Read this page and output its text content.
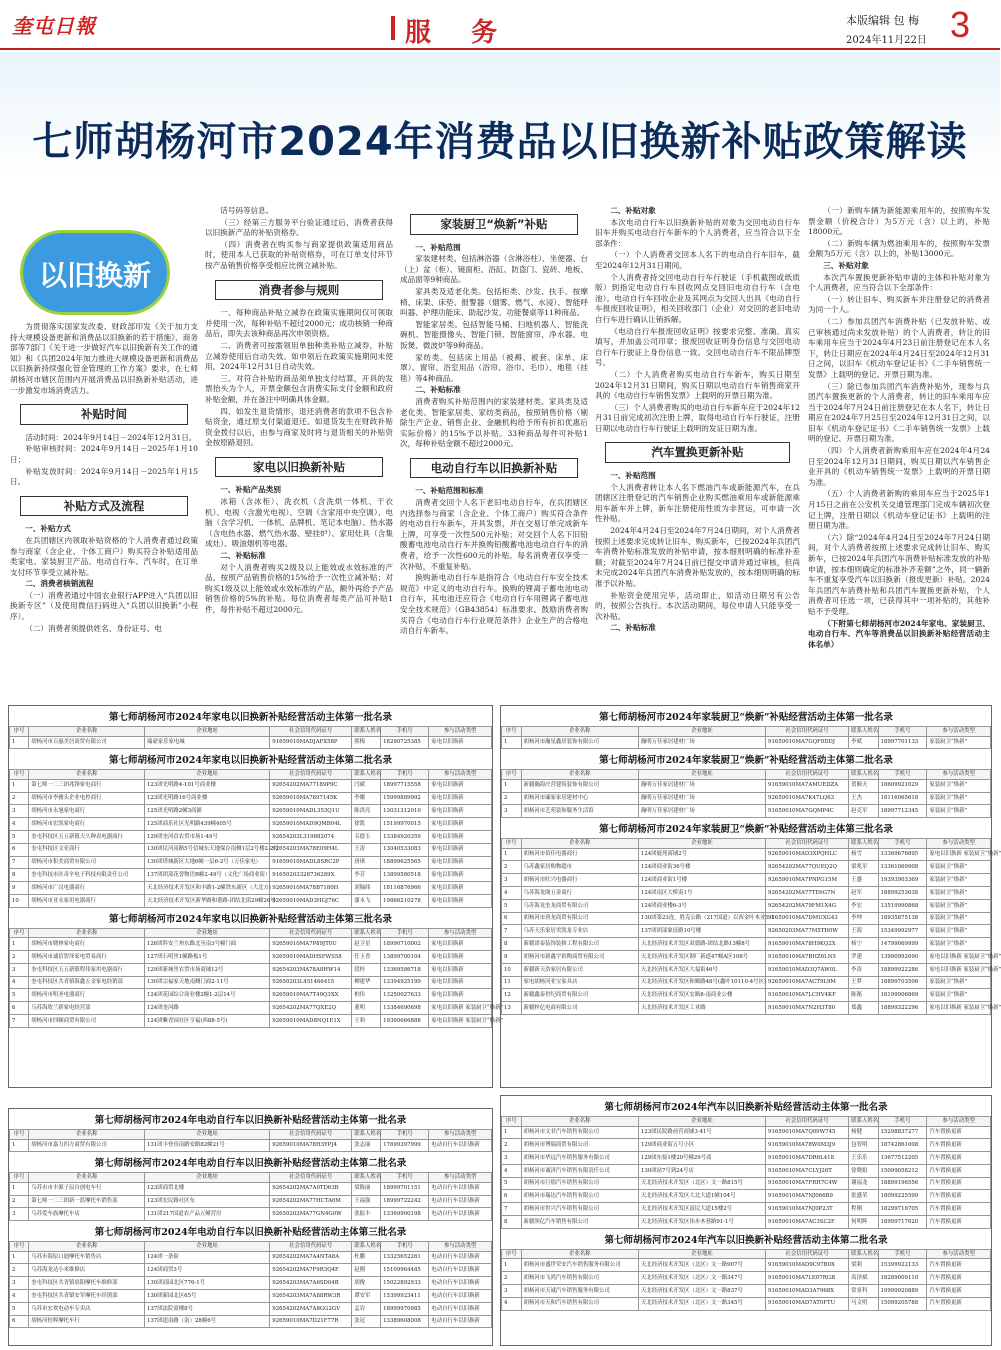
奎屯日報	服务	本版编辑 包 梅
2024年11月22日 3
七师胡杨河市2024年消费品以旧换新补贴政策解读
以旧换新

为贯彻落实国家发改委、财政部印发《关于加力支持大规模设备更新和消费品以旧换新的若干措施》、商务部等7部门《关于进一步做好汽车以旧换新有关工作的通知》和《兵团2024年加力推进大规模设备更新和消费品以旧换新持续强化管金管理的工作方案》要求，在七师胡杨河市辖区范围内开展消费品以旧换新补贴活动，进一步激发市场消费活力。

补贴时间

活动时间：2024年9月14日－2024年12月31日。

补贴审核时间：2024年9月14日－2025年1月10日；

补贴发放时间：2024年9月14日－2025年1月15日。

补贴方式及流程

一、补贴方式

在兵团辖区内领取补贴资格的个人消费者通过政策参与商家（含企业、个体工商户）购买符合补贴适用品类家电、家装厨卫产品、电动自行车、汽车时，在订单支付环节享受立减补贴。

二、消费者核销流程

（一）消费者通过中国农业银行APP进入“兵团以旧换新专区”（及使用微信扫码进入“兵团以旧换新”小程序）。

（二）消费者须提供姓名、身份证号、电

话号码等信息。

（三）经第三方服务平台验证通过后，消费者获得以旧换新产品的补贴资格券。

（四）消费者在购买参与商家提供政策适用商品时，使用本人已获取的补贴资格券，可在订单支付环节按产品销售价格享受相应比例立减补贴。

消费者参与规则

一、每种商品补贴立减券在政策实施期间仅可领取并使用一次，每种补贴不超过2000元；成功核销一种商品后，即失去该种商品再次申领资格。

二、消费者可按需领用单独种类补贴立减券，补贴立减券使用后自动失效。如申领后在政策实施期间未使用，2024年12月31日自动失效。

三、对符合补贴的商品须单独支付结算，开具的发票抬头为个人，开票金额包含消费实际支付金额和政府补贴金额，并在备注中明确具体金额。

四、如发生退货情形，退还消费者的款项不包含补贴资金，通过原支付渠道退还。如退货发生在财政补贴资金拨付以后，由参与商家及时将与退货相关的补贴资金按原路退回。

家电以旧换新补贴

一、补贴产品类别

冰箱（含冰柜）、洗衣机（含洗烘一体机、干衣机）、电视（含激光电视）、空调（含家用中央空调）、电脑（含学习机、一体机、品牌机、笔记本电脑）、热水器（含电热水器、燃气热水器、壁挂炉）、家用灶具（含集成灶）、吸油烟机等电器。

二、补贴标准

对个人消费者购买2级及以上能效或水效标准的产品，按照产品销售价格的15%给予一次性立减补贴；对购买1级及以上能效或水效标准的产品，额外再给予产品销售价格的5%的补贴。每位消费者每类产品可补贴1件，每件补贴不超过2000元。

家装厨卫“焕新”补贴

一、补贴范围

家装建材类。包括淋浴器（含淋浴柱）、坐便器、台（上）盆（柜）、镜面柜、浴缸、防盗门、瓷砖、地板、成品窗等9种商品。

家具类及适老化类。包括柜类、沙发、扶手、按摩椅、床架、床垫、报警器（烟雾、燃气、水浸）、智能呼叫器、护理功能床、助起沙发、功能餐桌等11种商品。

智能家居类。包括智能马桶、扫地机器人、智能洗碗机、智能摄像头、智能门锁、智能窗帘、净水器、电饭煲、微波炉等9种商品。

家纺类。包括床上用品（被褥、被套、床单、床罩）、窗帘、浴室用品（浴帘、浴巾、毛巾）、地毯（挂毯）等4种商品。

二、补贴标准

消费者购买补贴范围内的家装建材类、家具类及适老化类、智能家居类、家纺类商品，按照销售价格（剔除生产企业、销售企业、金融机构给予所有折扣优惠后实际价格）的15%予以补贴。33种商品每件可补贴1次，每种补贴金额不超过2000元。

电动自行车以旧换新补贴

一、补贴范围和标准

消费者交回个人名下老旧电动自行车，在兵团辖区内选择参与商家（含企业、个体工商户）购买符合条件的电动自行车新车，开具发票，并在交易订单完成新车上牌，可享受一次性500元补贴；对交回个人名下旧铅酸蓄电池电动自行车并换购铅酸蓄电池电动自行车的消费者，给予一次性600元的补贴。每名消费者仅享受一次补贴，不重复补贴。

换购新电动自行车是指符合《电动自行车安全技术规范》中定义的电动自行车。换购的锂离子蓄电池电动自行车，其电池还应符合《电动自行车用锂离子蓄电池安全技术规范》（GB43854）标准要求。鼓励消费者购买符合《电动自行车行业规范条件》企业生产的合格电动自行车新车。

二、补贴对象

本次电动自行车以旧换新补贴的对象为交回电动自行车旧车并购买电动自行车新车的个人消费者，应当符合以下全部条件：

（一）个人消费者交回本人名下的电动自行车旧车，截至2024年12月31日期间。

个人消费者持交回电动自行车行驶证（手机截图或纸质版）到指定电动自行车回收网点交回旧电动自行车（含电池）。电动自行车回收企业及其网点为交回人出具《电动自行车报废回收证明》，相关回收部门（企业）对交回的老旧电动自行车进行确认让销拆解。

《电动自行车报废回收证明》按要求完整、准确、真实填写，并加盖公司印章；报废回收证明身份信息与交回电动自行车行驶证上身份信息一致。交回电动自行车不限品牌型号。

（二）个人消费者购买电动自行车新车，购买日期至2024年12月31日期间，购买日期以电动自行车销售商家开具的《电动自行车销售发票》上载明的开票日期为准。

（三）个人消费者购买的电动自行车新车应于2024年12月31日前完成初次注册上牌，取得电动自行车行驶证，注册日期以电动自行车行驶证上载明的发证日期为准。

汽车置换更新补贴

一、补贴范围

个人消费者转让本人名下燃油汽车或新能源汽车，在兵团辖区注册登记的汽车销售企业购买燃油乘用车或新能源乘用车新车并上牌，新车注册使用性质为非营运，可申请一次性补贴。

2024年4月24日至2024年7月24日期间，对个人消费者按照上述要求完成转让旧车、购买新车，已按2024年兵团汽车消费补贴标准发放的补贴申请，按本细则明确的标准补差额；对截至2024年7月24日前已提交申请并通过审核，但尚未完成2024年兵团汽车消费补贴发放的，按本细则明确的标准予以补贴。

补贴资金使用完毕，活动即止，如活动日期另有公告的，按照公告执行。本次活动期间，每位申请人只能享受一次补贴。

二、补贴标准

（一）新购车辆为新能源乘用车的，按照购车发票金额（价税合计）为5万元（含）以上的，补贴18000元。

（二）新购车辆为燃油乘用车的，按照购车发票金额为5万元（含）以上的，补贴13000元。

三、补贴对象

本次汽车置换更新补贴申请的主体和补贴对象为个人消费者，应当符合以下全部条件：

（一）转让旧车、购买新车并注册登记的消费者为同一个人。

（二）参加兵团汽车消费补贴（已发放补贴、或已审核通过尚未发放补贴）的个人消费者，转让的旧车乘用车应当于2024年4月23日前注册登记在本人名下，转让日期应在2024年4月24日至2024年12月31日之间，以旧车《机动车登记证书》《二手车销售统一发票》上载明的登记、开票日期为准。

（三）除已参加兵团汽车消费补贴外，现参与兵团汽车置换更新的个人消费者，转让的旧车乘用车应当于2024年7月24日前注册登记在本人名下，转让日期应在2024年7月25日至2024年12月31日之间，以旧车《机动车登记证书》《二手车销售统一发票》上载明的登记、开票日期为准。

（四）个人消费者新购乘用车应在2024年4月24日至2024年12月31日期间，购买日期以汽车销售企业开具的《机动车销售统一发票》上载明的开票日期为准。

（五）个人消费者新购的乘用车应当于2025年1月15日之前在公安机关交通管理部门完成车辆初次登记上牌，注册日期以《机动车登记证书》上载明的注册日期为准。

（六）除“2024年4月24日至2024年7月24日期间，对个人消费者按照上述要求完成转让旧车、购买新车，已按2024年兵团汽车消费补贴标准发放的补贴申请，按本细则确定的标准补齐差额”之外，同一辆新车不重复享受汽车以旧换新（报废更新）补贴。2024年兵团汽车消费补贴和兵团汽车置换更新补贴，个人消费者可任选一项，已获得其中一项补贴的，其他补贴不予受理。

（下附第七师胡杨河市2024年家电、家装厨卫、电动自行车、汽车等消费品以旧换新补贴经营活动主体名单）

第七师胡杨河市2024年家电以旧换新补贴经营活动主体第一批名录
序号	企业名称	企业地址	社会信用代码证号	联系人姓名	手机号	参与活动类型
1	胡杨河市百惠美居商贸有限公司	瑞豪家乐家电城	91659010MADJAFX58P	熊梅	18290725385	家电以旧换新
第七师胡杨河市2024年家电以旧换新补贴经营活动主体第二批名录
序号	企业名称	企业地址	社会信用代码证号	联系人姓名	手机号	参与活动类型
1	第七师一二三团兆锋家电商行	123团光明路4-101号商业楼	92654202MA77189P9C	闫斌	18997715558	家电以旧换新
2	胡杨河市李雅头企业电控商行	123团光明路16号商业楼	92659010MA7897145K	李娜	15999889992	家电以旧换新
3	胡杨河市永旭家电商行	125团光明路2幢3商铺	92659010MADL353Q1U	陈洪亮	13031312010	家电以旧换新
4	胡杨河市宏凯家电商行	125团商乐社区光明路439幢405号	92659010MAD9QMB04L	徐凯	15199970015	家电以旧换新
5	奎屯科技区五五新镇天久种表电器商行	129团奎河首农贸市场1-49号	92654203L319882074	韦德玉	13384920359	家电以旧换新
6	奎屯科技区文亚商行	130团民河南路5号信城东天地保存南侧1层2号楼2-2号	92654203MA78E09H4L	王涛	13040533083	家电以旧换新
7	胡杨河市积美商贸有限公司	130团塔城新区大地6幢一层6-2号（万佳家电）	91659010MADL8SRC2P	唐琪	18899625565	家电以旧换新
8	奎屯科技市区奇辛电子科技有限责任公司	137团团部花誉物语B幢2-49号（文化广场商业街）	91650203328736289X	李芳	13899580518	家电以旧换新
9	胡杨河市广汉电器商行	天北经济技术开发区和丰路1-2幢铁东新区（大北方）	92659010MA78B7180H	刘翰纬	18116876966	家电以旧换新
10	胡杨河市亚永家用电器商行	天北经济技术开发区新华路和谐路-团结北街29幢26号	92659010MAD3HGJ76C	蒲永飞	19866210278	家电以旧换新
第七师胡杨河市2024年家电以旧换新补贴经营活动主体第三批名录
序号	企业名称	企业地址	社会信用代码证号	联系人姓名	手机号	参与活动类型
1	胡杨河市晓林家电商行	126团科安兰州东路北至南3号幢门面	92659010MA7P89JT0U	赵卫星	18990710002	家电以旧换新
2	胡杨河市诚信智泽家电贸易商行	127团石明里1幢路板1号	92659010MADHSFWS58	任玉香	13899700104	家电以旧换新
3	奎屯科技区五五新镇程伟家用电器商行	129团新城里农贸市场商铺12号	92654203MA78A8HW14	段桂	13369586718	家电以旧换新
4	奎屯科技区共青镇海鑫五金家电经销部	130团宗福家天地南侧门面2-11号	92650203L451466415	柳建华	13394925199	家电以旧换新
5	胡杨河市明圣电器商行	124团花园综合商业楼2幢1-2层14号	92659010MA7T49Q3XX	柏伟	13250027633	家电以旧换新
6	乌苏海欣兰新家电经营部	124团奎河路	92654202MA77QXE2Q	董明	13384690698	家电以旧换新 家装厨卫“焕新”
7	胡杨河市四顺商贸有限公司	124团紫香园社区亨福(西88-5号)	92659010MAD8NQ1E1X	王莉	19390666888	家电以旧换新 家装厨卫“焕新”
第七师胡杨河市2024年家装厨卫“焕新”补贴经营活动主体第一批名录
序号	企业名称	企业地址	社会信用代码证号	联系人姓名	手机号	参与活动类型
1	胡杨河市瀚星鑫居装饰有限公司	瀚明万佳家居建材广场	91659010MA7GQF8DDJ	李斌	18997701133	家装厨卫“焕新”
第七师胡杨河市2024年家装厨卫“焕新”补贴经营活动主体第二批名录
序号	企业名称	企业地址	社会信用代码证号	联系人姓名	手机号	参与活动类型
1	新疆瀚海庄营建筑装饰有限公司	瀚明万佳家居建材广场	91659010MA7AMUEDZA	贺顺天	18609921029	家装厨卫“焕新”
2	胡杨河市廉家家居建材中心	瀚明万佳家居建材广场	92659010MA7K47LQ63	王杰	18116065618	家装厨卫“焕新”
3	胡杨河市艺苑装饰服务生活馆	瀚明万佳家居建材广场	91659010MA7GQMP4C	赵克军	18997712345	家装厨卫“焕新”
第七师胡杨河市2024年家装厨卫“焕新”补贴经营活动主体第三批名录
序号	企业名称	企业地址	社会信用代码证号	联系人姓名	手机号	参与活动类型
1	胡杨河市佰佳电器商行	124团鹿苑商铺2号	92659010MAD3XPQHLC	杨雪	13369676895	家电以旧换新 家装厨卫“焕新”
2	乌苏鑫家居购物超市	124团商业街36号楼	92654202MA77QUEQ2Q	梁兆军	13361069908	家装厨卫“焕新”
3	胡杨河市旺兴电器商行	124团商业街1号楼	92659010MA7PNPG15M	王盛	19393903369	家装厨卫“焕新”
4	乌苏海龙阁五金商行	124团南区大桥南1号	92654202MA77TE6G7N	赵军	18899253638	家装厨卫“焕新”
5	乌苏海龙奎龙商贸有限公司	124团商业楼6-3号	92654202MA79FM1X4G	李宏	13519990868	家装厨卫“焕新”
6	胡杨河市唐龙商贸有限公司	130团第23连，胜克公路（217国道）以西金叶木业1-1	91659010MA7DMUXG43	李坤	18935875138	家装厨卫“焕新”
7	乌苏天乐家居美凯龙专业店	137团团部象征路10号楼	92650203MA77M5TH0W	王海	15349992977	家装厨卫“焕新”
8	新疆诺泰装饰装修工程有限公司	天北经济技术开发区双德路-团结北路13幢8号	91659010MA78H9KQ2X	杨宁	14799069999	家装厨卫“焕新”
9	胡杨河市新鑫宇彩陶商贸有限公司	天北经济技术开发区钢厂新道47幢A区108号	91659010MA7BHZ6LN5	罗建	13990992690	家电以旧换新 家装厨卫“焕新”
10	新疆新天浩家居有限公司	天北经济技术开发区大福街46号	91659010MAD3Q7AW0L	李涛	18899922286	家电以旧换新 家装厨卫“焕新”
11	家电胡杨河亚宝家具店	天北经济技术开发区和顺路48号(鑫叶10110-4号区)	92659010MA7ACT9L9M	王梦	18899703506	家装厨卫“焕新”
12	新疆鑫泰世纪商贸有限公司	天北经济技术开发区宏路8-南商业公楼	91659010MA7LCHV4KF	陈秘	18199906869	家装厨卫“焕新”
13	新疆梓亿电商有限公司	天北经济技术开发区工业路	91659010MA7N2H3T80	郑鑫	18899322296	家电以旧换新 家装厨卫“焕新”
第七师胡杨河市2024年电动自行车以旧换新补贴经营活动主体第一批名录
序号	企业名称	企业地址	社会信用代码证号	联系人姓名	手机号	参与活动类型
1	胡杨河市嘉力四方商贸有限公司	131团丰登田南路安路82幢21号	92659010MA78H3YPJ4	张志丽	17699397999	电动自行车以旧换新
第七师胡杨河市2024年电动自行车以旧换新补贴经营活动主体第二批名录
序号	企业名称	企业地址	社会信用代码证号	联系人姓名	手机号	参与活动类型
1	乌苏市市丰源子辰自创电车行	123团商贸北楼	92654202MA7A0TD63B	梁陈丽	18999701151	电动自行车以旧换新
2	第七师一二三团新一蓝摩托车销售部	123团宏民路社区东	92654202MA77HCTA6M	王福强	18999722242	电动自行车以旧换新
3	乌苏爱车族摩托车店	131团217国道农产品五幢营房	92650203MA77GN4G0W	张振丰	13369900198	电动自行车以旧换新
第七师胡杨河市2024年电动自行车以旧换新补贴经营活动主体第三批名录
序号	企业名称	企业地址	社会信用代码证号	联系人姓名	手机号	参与活动类型
1	乌苏市海原口迪摩托车销售店	124团一条街	92654202MA7A4NTA8A	杜鹏	13325652261	电动自行车以旧换新
2	乌苏海龙达小米维修店	124团商贸3号	92654202MA7F9R3Q4F	赵刚	15109964485	电动自行车以旧换新
3	奎屯科技区共青镇晨阳摩托车维修部	130团商园北区776-1号	92654203MA7A6SD04B	胡俊	15022892933	电动自行车以旧换新
4	奎屯科技区共青镇安军摩托车经销部	130团新园北区65号	92654203MA7A88RW3R	谭安军	15399923411	电动自行车以旧换新
5	乌苏市宏欢电动车专卖店	137团法院商楼8号	92654202MA7A8GG2GV	孟岩	18999970985	电动自行车以旧换新
6	胡杨河恒晖摩托车行	137团道南路（南）28幢6号	92659010MA7D21F77R	张冠	13389608008	电动自行车以旧换新
第七师胡杨河市2024年汽车以旧换新补贴经营活动主体第一批名录
序号	企业名称	企业地址	社会信用代码证号	联系人姓名	手机号	参与活动类型
1	胡杨河市文君汽车销售有限公司	123团民院路前营商铺3-41号	91659010MA7Q09W745	杨健	15298837277	汽车置换更新
2	胡杨河市博瑞商贸有限公司	129团商业街五号小区	91659010MA78W0M3J9	包智明	18742861008	汽车置换更新
3	胡杨河市华远汽车销售服务有限公司	129团东接1楼20号幢29号商	91659010MA7DR6L418	王乐乐	13677512205	汽车置换更新
4	胡杨河市诚济汽车销售有限责任公司	130团站7号到24号店	91659010MA7CLYJ26T	徐晓娟	15099058212	汽车置换更新
5	胡杨河市巨德汽车销售有限公司	天北经济技术开发区（北区）文一路815号	91659010MA7FRH7C4W	谢福龙	18899196556	汽车置换更新
6	胡杨河市瑞达汽车销售有限公司	天北经济技术开发区大北大道1幢104号	91659010MA7NJ066B9	张盛荣	18099225599	汽车置换更新
7	胡杨河市世兴汽车销售有限公司	天北经济技术开发区富民大道15楼2号	91659010MA7NJ0P23T	程刚	18299719705	汽车置换更新
8	新疆领亿汽车销售有限公司	天北经济技术开发区伟步木巷路91-1号	91659010MA7AC3SC2F	何明辉	18999717620	汽车置换更新
第七师胡杨河市2024年汽车以旧换新补贴经营活动主体第二批名录
序号	企业名称	企业地址	社会信用代码证号	联系人姓名	手机号	参与活动类型
1	胡杨河市盛世荣安汽车销售服务有限公司	天北经济技术开发区（北区）文一路907号	91659010MAD9C97B0X	梁莉	15399922133	汽车置换更新
2	胡杨河市飞鸿汽车销售有限公司	天北经济技术开发区（北区）文一路347号	91659010MA7LE07RGB	高泽斌	18289009110	汽车置换更新
3	胡杨河市天诚汽车销售服务有限公司	天北经济技术开发区（北区）文一路837号	91659010MAD3A7968X	常景科	19999920889	汽车置换更新
4	胡杨河市天和汽车销售有限公司	天北经济技术开发区（北区）文一路345号	91659010MAD7AT0FTU	马文明	15099205788	汽车置换更新
